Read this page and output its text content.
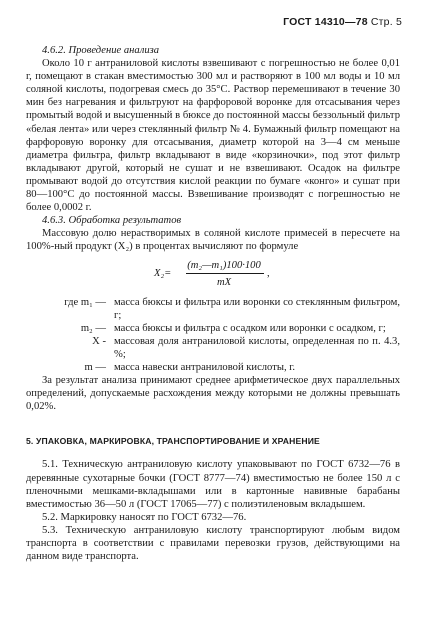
ГОСТ 14310—78 Стр. 5

4.6.2. Проведение анализа

Около 10 г антраниловой кислоты взвешивают с погрешностью не более 0,01 г, помещают в стакан вместимостью 300 мл и растворяют в 100 мл воды и 10 мл соляной кислоты, подогревая смесь до 35°C. Раствор перемешивают в течение 30 мин без нагревания и фильтруют на фарфоровой воронке для отсасывания через промытый водой и высушенный в бюксе до постоянной массы беззольный фильтр «белая лента» или через стеклянный фильтр № 4. Бумажный фильтр помещают на фарфоровую воронку для отсасывания, диаметр которой на 3—4 см меньше диаметра фильтра, фильтр вкладывают в виде «корзиночки», под этот фильтр вкладывают другой, который не сушат и не взвешивают. Осадок на фильтре промывают водой до отсутствия кислой реакции по бумаге «конго» и сушат при 80—100°C до постоянной массы. Взвешивание производят с погрешностью не более 0,0002 г.

4.6.3. Обработка результатов

Массовую долю нерастворимых в соляной кислоте примесей в пересчете на 100%-ный продукт (X₂) в процентах вычисляют по формуле

X₂=
(m₂—m₁)100·100
mX
,
где m₁ — масса бюксы и фильтра или воронки со стеклянным фильтром, г;
m₂ — масса бюксы и фильтра с осадком или воронки с осадком, г;
X - массовая доля антраниловой кислоты, определенная по п. 4.3, %;
m — масса навески антраниловой кислоты, г.

За результат анализа принимают среднее арифметическое двух параллельных определений, допускаемые расхождения между которыми не должны превышать 0,02%.

5. УПАКОВКА, МАРКИРОВКА, ТРАНСПОРТИРОВАНИЕ И ХРАНЕНИЕ

5.1. Техническую антраниловую кислоту упаковывают по ГОСТ 6732—76 в деревянные сухотарные бочки (ГОСТ 8777—74) вместимостью не более 150 л с пленочными мешками-вкладышами или в картонные навивные барабаны вместимостью 36—50 л (ГОСТ 17065—77) с полиэтиленовым вкладышем.

5.2. Маркировку наносят по ГОСТ 6732—76.

5.3. Техническую антраниловую кислоту транспортируют любым видом транспорта в соответствии с правилами перевозки грузов, действующими на данном виде транспорта.
